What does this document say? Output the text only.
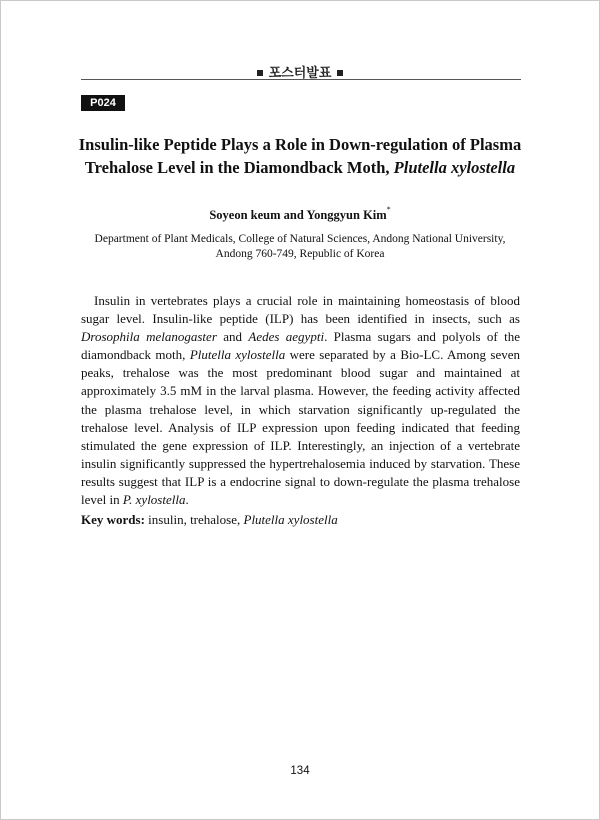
포스터발표
P024
Insulin-like Peptide Plays a Role in Down-regulation of Plasma
Trehalose Level in the Diamondback Moth, Plutella xylostella
Soyeon keum and Yonggyun Kim*
Department of Plant Medicals, College of Natural Sciences, Andong National University,
Andong 760-749, Republic of Korea
Insulin in vertebrates plays a crucial role in maintaining homeostasis of blood sugar level. Insulin-like peptide (ILP) has been identified in insects, such as Drosophila melanogaster and Aedes aegypti. Plasma sugars and polyols of the diamondback moth, Plutella xylostella were separated by a Bio-LC. Among seven peaks, trehalose was the most predominant blood sugar and maintained at approximately 3.5 mM in the larval plasma. However, the feeding activity affected the plasma trehalose level, in which starvation significantly up-regulated the trehalose level. Analysis of ILP expression upon feeding indicated that feeding stimulated the gene expression of ILP. Interestingly, an injection of a vertebrate insulin significantly suppressed the hypertrehalosemia induced by starvation. These results suggest that ILP is a endocrine signal to down-regulate the plasma trehalose level in P. xylostella.
Key words: insulin, trehalose, Plutella xylostella
134
